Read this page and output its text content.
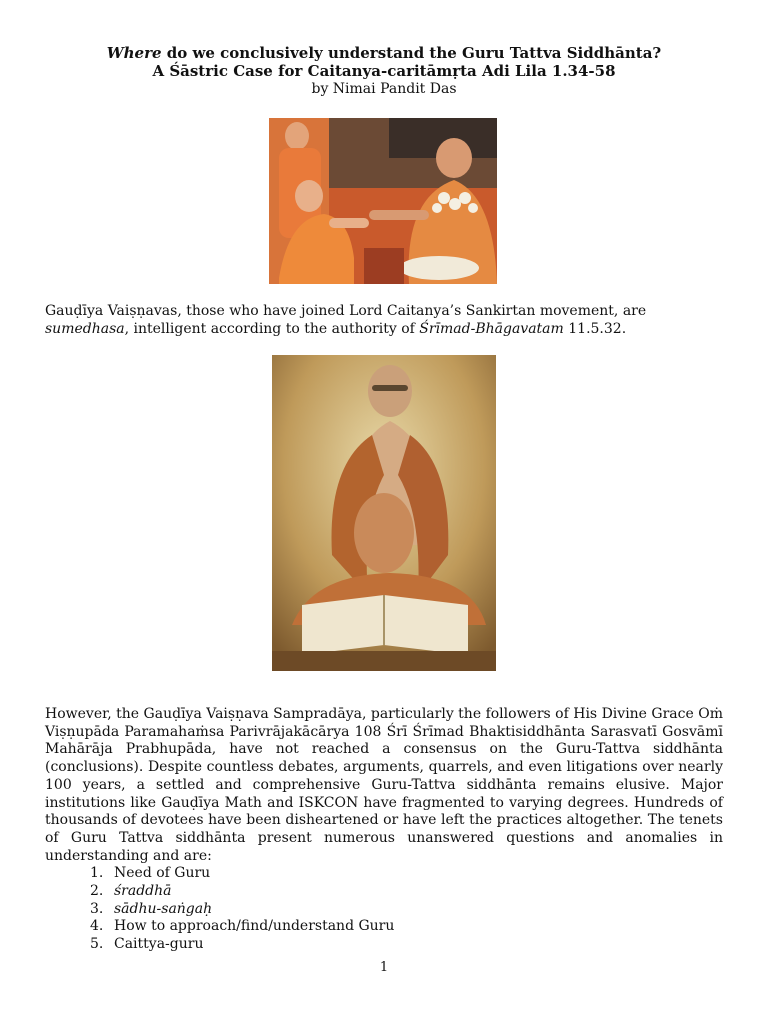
Where do we conclusively understand the Guru Tattva Siddhānta?
A Śāstric Case for Caitanya-caritāmṛta Adi Lila 1.34-58
by Nimai Pandit Das
Gauḍīya Vaiṣṇavas, those who have joined Lord Caitanya’s Sankirtan movement, are sumedhasa, intelligent according to the authority of Śrīmad-Bhāgavatam 11.5.32.
However, the Gauḍīya Vaiṣṇava Sampradāya, particularly the followers of His Divine Grace Oṁ Viṣṇupāda Paramahaṁsa Parivrājakācārya 108 Śrī Śrīmad Bhaktisiddhānta Sarasvatī Gosvāmī Mahārāja Prabhupāda, have not reached a consensus on the Guru-Tattva siddhānta (conclusions). Despite countless debates, arguments, quarrels, and even litigations over nearly 100 years, a settled and comprehensive Guru-Tattva siddhānta remains elusive. Major institutions like Gauḍīya Math and ISKCON have fragmented to varying degrees. Hundreds of thousands of devotees have been disheartened or have left the practices altogether. The tenets of Guru Tattva siddhānta present numerous unanswered questions and anomalies in understanding and are:
1. Need of Guru
2. śraddhā
3. sādhu-saṅgaḥ
4. How to approach/find/understand Guru
5. Caittya-guru
1
